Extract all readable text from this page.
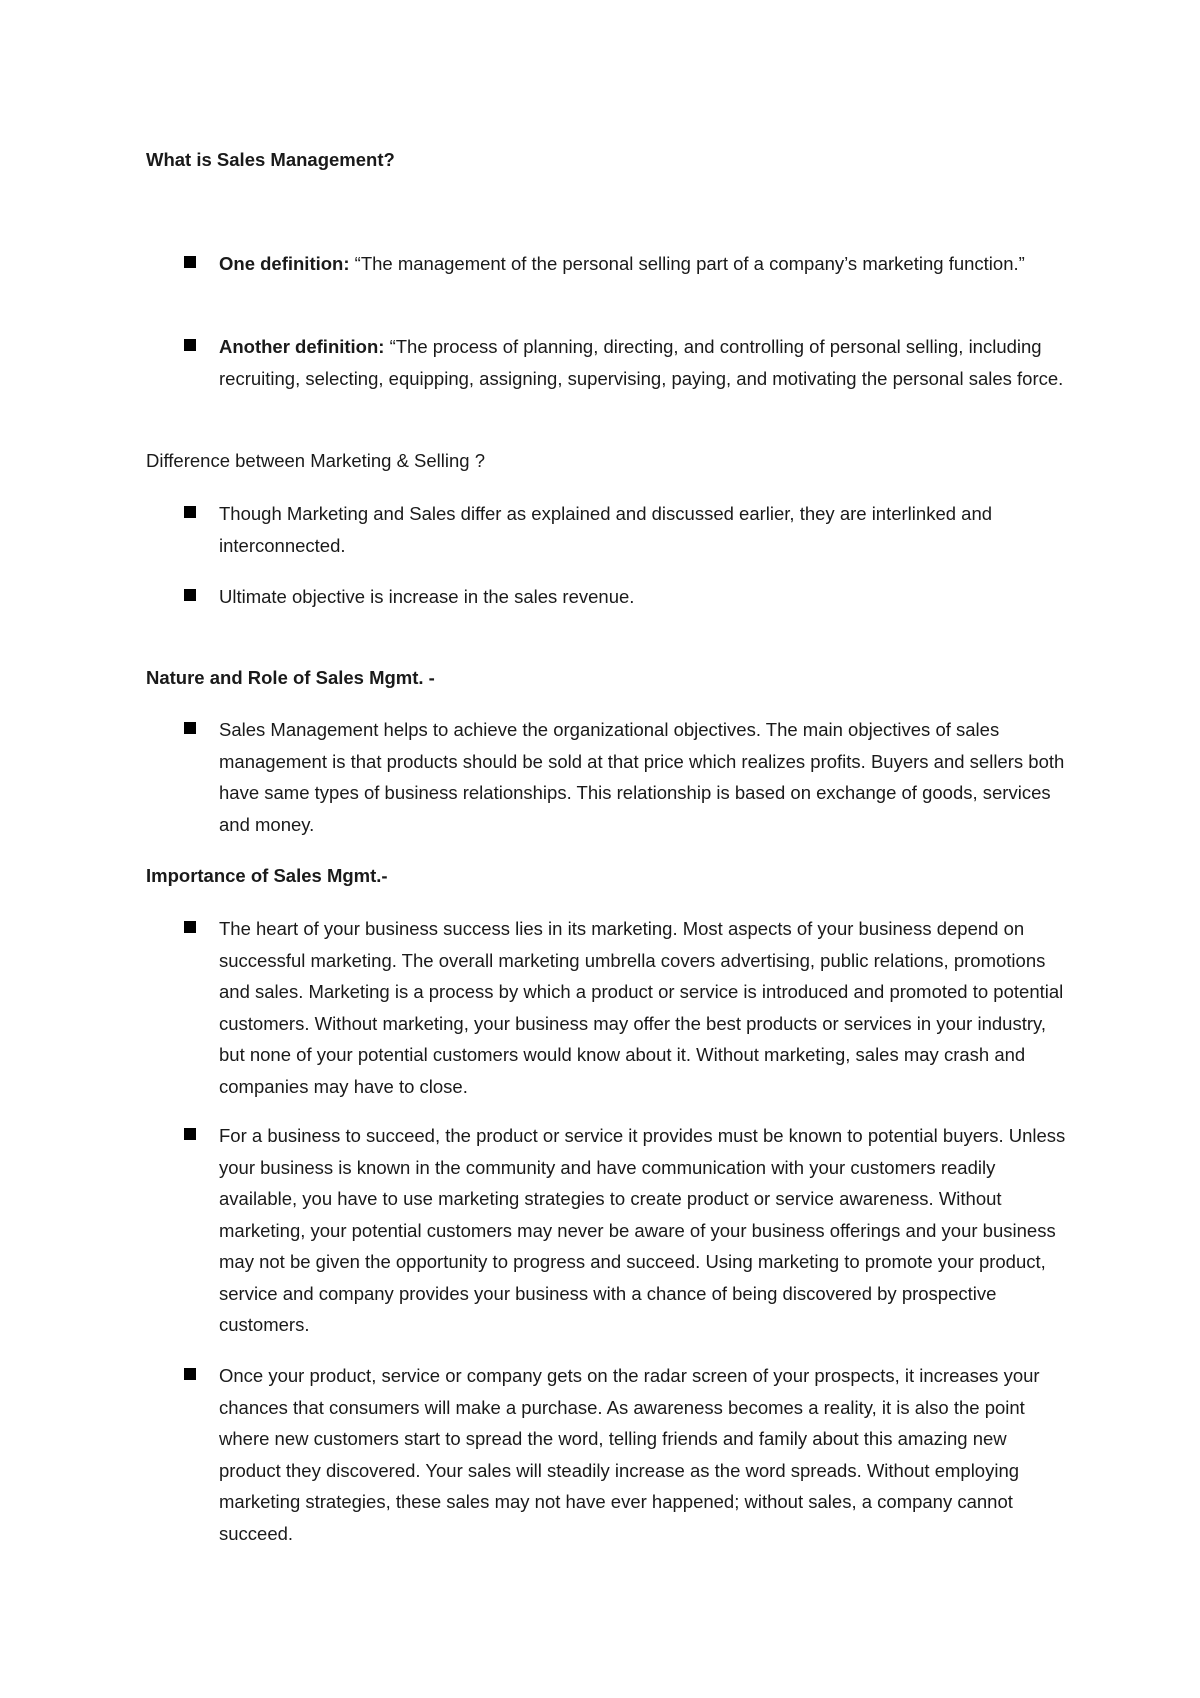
What is Sales Management?

One definition: “The management of the personal selling part of a company’s marketing function.”

Another definition: “The process of planning, directing, and controlling of personal selling, including recruiting, selecting, equipping, assigning, supervising, paying, and motivating the personal sales force.

Difference between Marketing & Selling ?

Though Marketing and Sales differ as explained and discussed earlier, they are interlinked and interconnected.

Ultimate objective is increase in the sales revenue.

Nature and Role of Sales Mgmt. -

Sales Management helps to achieve the organizational objectives. The main objectives of sales management is that products should be sold at that price which realizes profits. Buyers and sellers both have same types of business relationships. This relationship is based on exchange of goods, services and money.

Importance of Sales Mgmt.-

The heart of your business success lies in its marketing. Most aspects of your business depend on successful marketing. The overall marketing umbrella covers advertising, public relations, promotions and sales. Marketing is a process by which a product or service is introduced and promoted to potential customers. Without marketing, your business may offer the best products or services in your industry, but none of your potential customers would know about it. Without marketing, sales may crash and companies may have to close.

For a business to succeed, the product or service it provides must be known to potential buyers. Unless your business is known in the community and have communication with your customers readily available, you have to use marketing strategies to create product or service awareness. Without marketing, your potential customers may never be aware of your business offerings and your business may not be given the opportunity to progress and succeed. Using marketing to promote your product, service and company provides your business with a chance of being discovered by prospective customers.

Once your product, service or company gets on the radar screen of your prospects, it increases your chances that consumers will make a purchase. As awareness becomes a reality, it is also the point where new customers start to spread the word, telling friends and family about this amazing new product they discovered. Your sales will steadily increase as the word spreads. Without employing marketing strategies, these sales may not have ever happened; without sales, a company cannot succeed.
